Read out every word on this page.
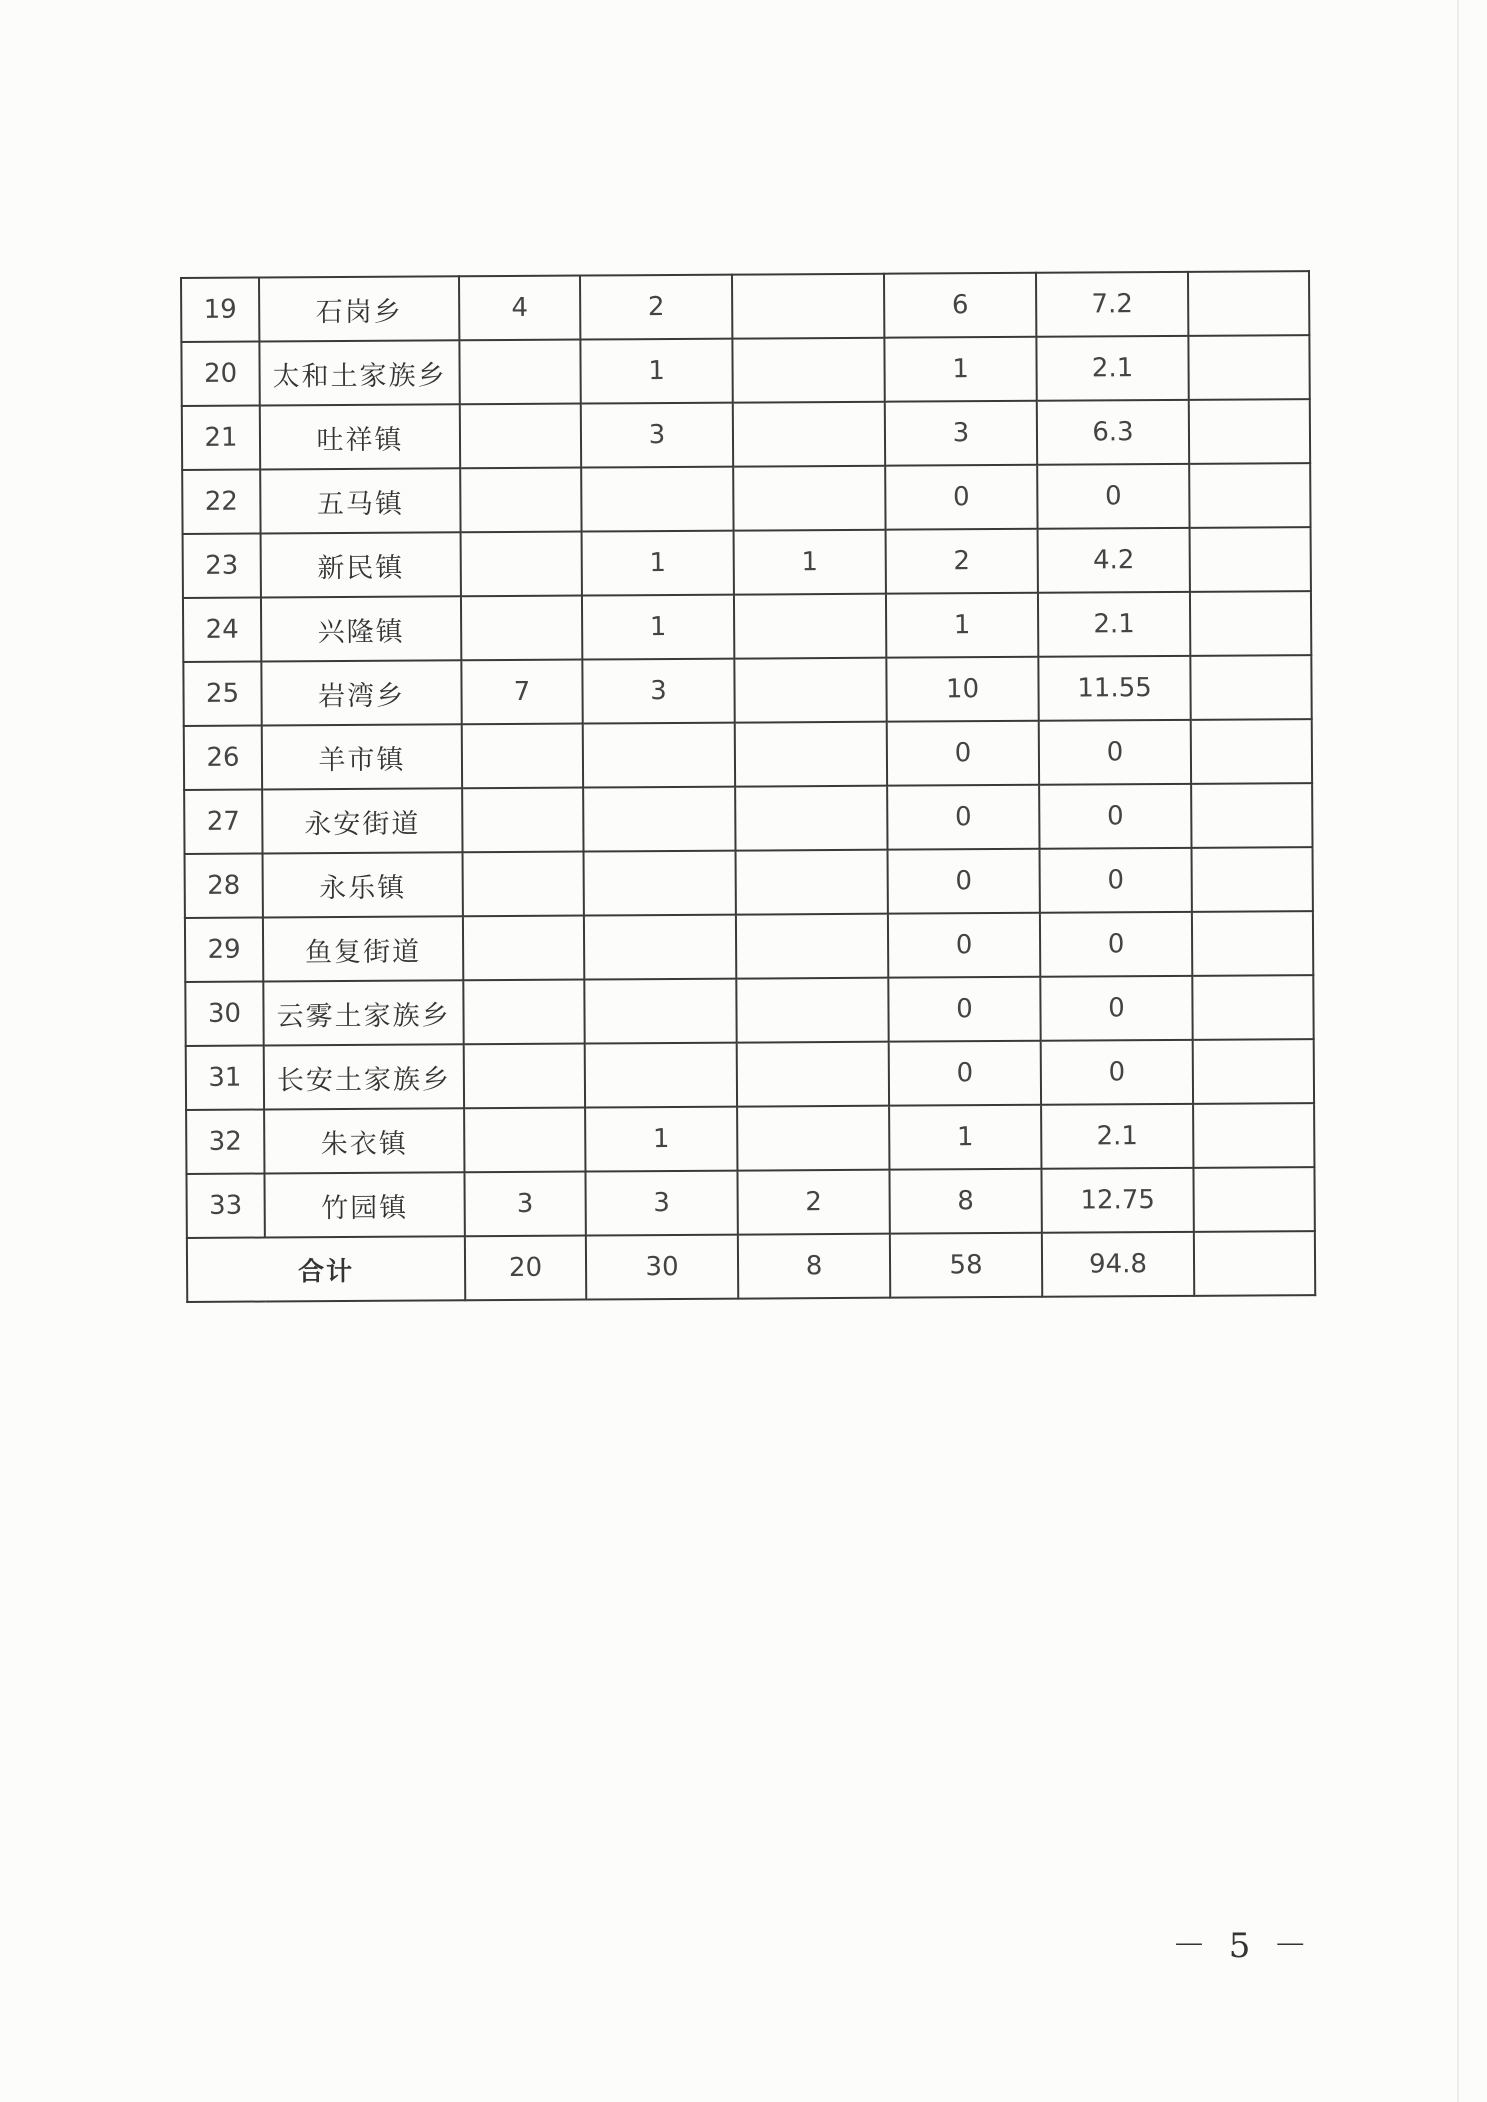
19	石岗乡	4	2		6	7.2	
20	太和土家族乡		1		1	2.1	
21	吐祥镇		3		3	6.3	
22	五马镇				0	0	
23	新民镇		1	1	2	4.2	
24	兴隆镇		1		1	2.1	
25	岩湾乡	7	3		10	11.55	
26	羊市镇				0	0	
27	永安街道				0	0	
28	永乐镇				0	0	
29	鱼复街道				0	0	
30	云雾土家族乡				0	0	
31	长安土家族乡				0	0	
32	朱衣镇		1		1	2.1	
33	竹园镇	3	3	2	8	12.75	
合计		20	30	8	58	94.8	
－ 5 －
